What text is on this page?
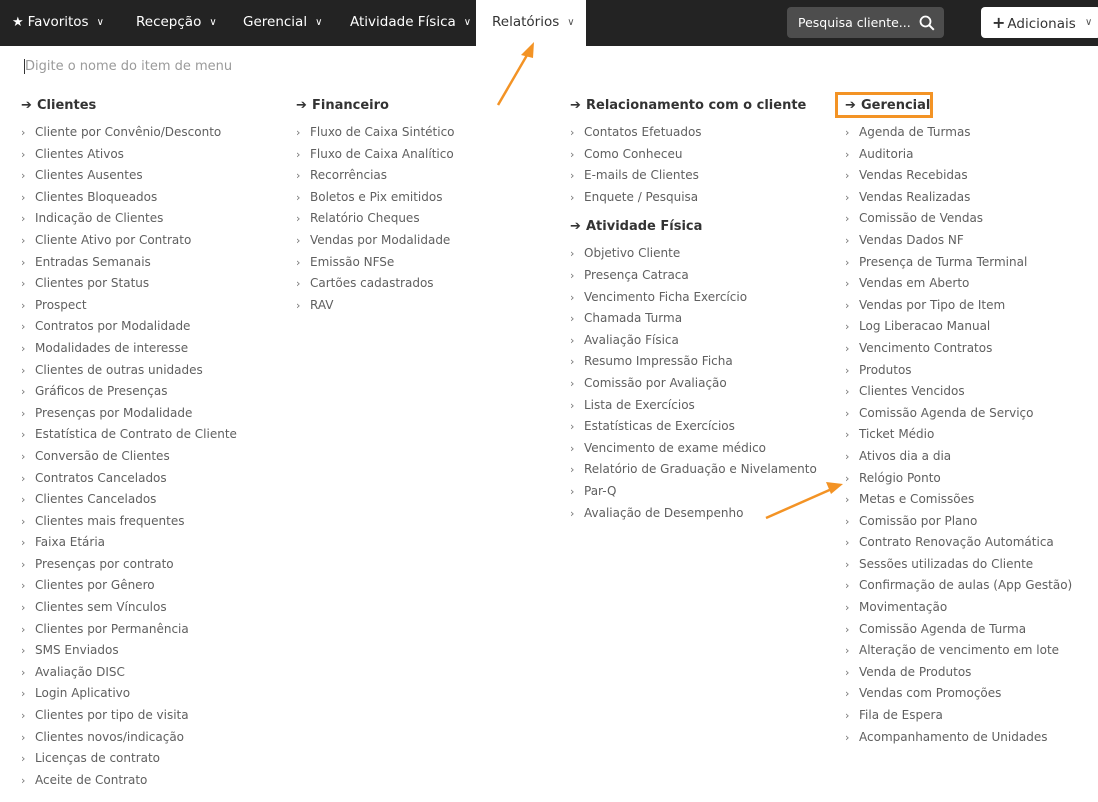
★ Favoritos ∨ Recepção ∨ Gerencial ∨ Atividade Física ∨	Relatórios ∨	Pesquisa cliente...	+ Adicionais ∨
Digite o nome do item de menu
➔ Clientes
› Cliente por Convênio/Desconto
› Clientes Ativos
› Clientes Ausentes
› Clientes Bloqueados
› Indicação de Clientes
› Cliente Ativo por Contrato
› Entradas Semanais
› Clientes por Status
› Prospect
› Contratos por Modalidade
› Modalidades de interesse
› Clientes de outras unidades
› Gráficos de Presenças
› Presenças por Modalidade
› Estatística de Contrato de Cliente
› Conversão de Clientes
› Contratos Cancelados
› Clientes Cancelados
› Clientes mais frequentes
› Faixa Etária
› Presenças por contrato
› Clientes por Gênero
› Clientes sem Vínculos
› Clientes por Permanência
› SMS Enviados
› Avaliação DISC
› Login Aplicativo
› Clientes por tipo de visita
› Clientes novos/indicação
› Licenças de contrato
› Aceite de Contrato
➔ Financeiro
› Fluxo de Caixa Sintético
› Fluxo de Caixa Analítico
› Recorrências
› Boletos e Pix emitidos
› Relatório Cheques
› Vendas por Modalidade
› Emissão NFSe
› Cartões cadastrados
› RAV
➔ Relacionamento com o cliente
› Contatos Efetuados
› Como Conheceu
› E-mails de Clientes
› Enquete / Pesquisa
➔ Atividade Física
› Objetivo Cliente
› Presença Catraca
› Vencimento Ficha Exercício
› Chamada Turma
› Avaliação Física
› Resumo Impressão Ficha
› Comissão por Avaliação
› Lista de Exercícios
› Estatísticas de Exercícios
› Vencimento de exame médico
› Relatório de Graduação e Nivelamento
› Par-Q
› Avaliação de Desempenho
➔ Gerencial
› Agenda de Turmas
› Auditoria
› Vendas Recebidas
› Vendas Realizadas
› Comissão de Vendas
› Vendas Dados NF
› Presença de Turma Terminal
› Vendas em Aberto
› Vendas por Tipo de Item
› Log Liberacao Manual
› Vencimento Contratos
› Produtos
› Clientes Vencidos
› Comissão Agenda de Serviço
› Ticket Médio
› Ativos dia a dia
› Relógio Ponto
› Metas e Comissões
› Comissão por Plano
› Contrato Renovação Automática
› Sessões utilizadas do Cliente
› Confirmação de aulas (App Gestão)
› Movimentação
› Comissão Agenda de Turma
› Alteração de vencimento em lote
› Venda de Produtos
› Vendas com Promoções
› Fila de Espera
› Acompanhamento de Unidades
